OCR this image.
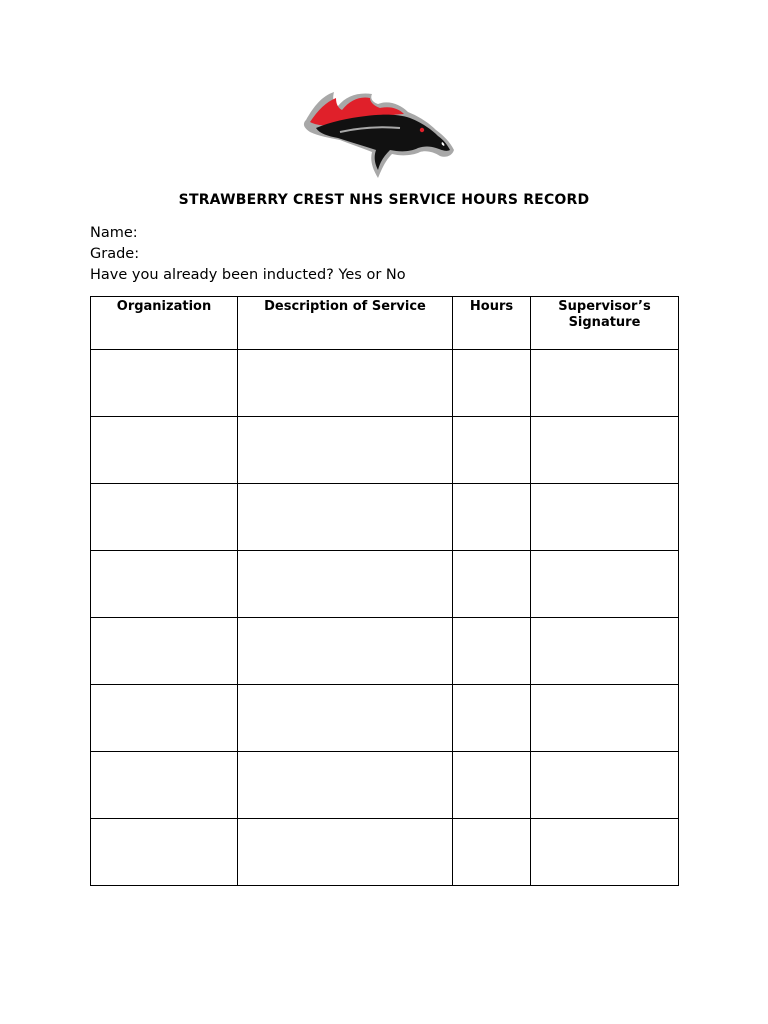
STRAWBERRY CREST NHS SERVICE HOURS RECORD
Name:
Grade:
Have you already been inducted? Yes or No
Organization	Description of Service	Hours	Supervisor’s
Signature
